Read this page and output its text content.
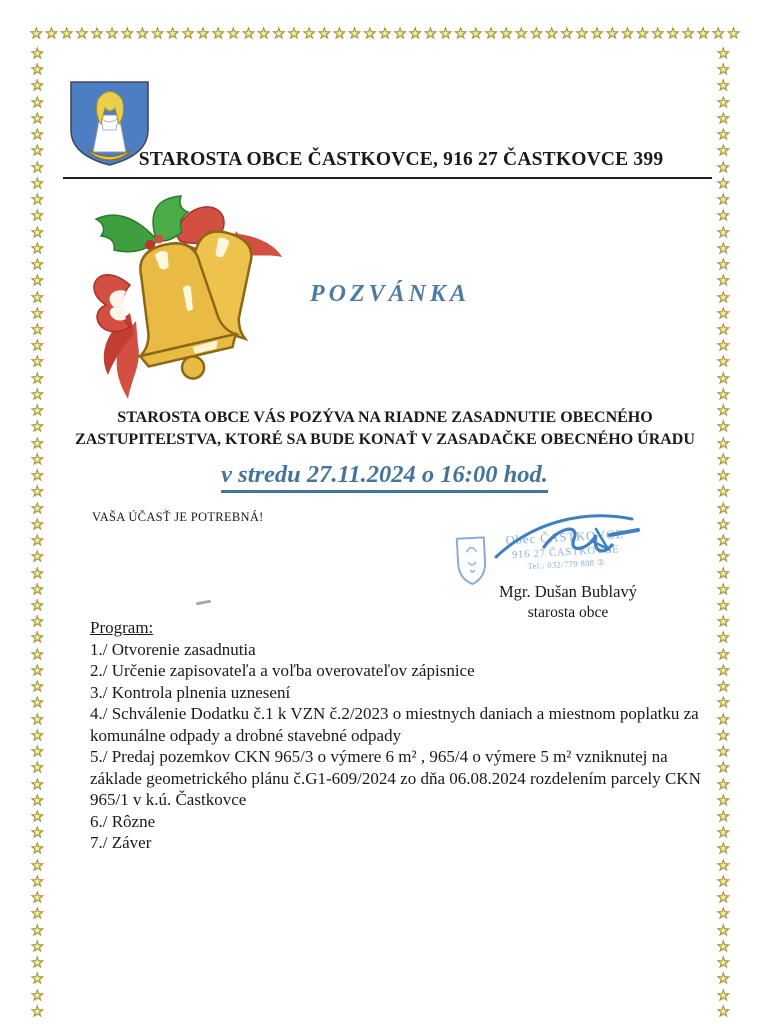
★ ★ ★ ★ ★ ★ ★ ★ ★ ★ ★ ★ ★ ★ ★ ★ ★ ★ ★ ★ ★ ★ ★ ★ ★ ★ ★ ★ ★ ★ ★ ★ ★ ★ ★ ★ ★ ★ ★ ★ ★ ★ ★ ★ ★ ★ ★
★
★
★
★
★
★
★
★
★
★
★
★
★
★
★
★
★
★
★
★
★
★
★
★
★
★
★
★
★
★
★
★
★
★
★
★
★
★
★
★
★
★
★
★
★
★
★
★
★
★
★
★
★
★
★
★
★
★
★
★
★
★
★
★
★
★
★
★
★
★
★
★
★
★
★
★
★
★
★
★
★
★
★
★
★
★
★
★
★
★
★
★
★
★
★
★
★
★
★
★
★
★
★
★
★
★
★
★
★
★
★
★
★
★
★
★
★
★
★
★
STAROSTA OBCE ČASTKOVCE, 916 27 ČASTKOVCE 399
POZVÁNKA
STAROSTA OBCE VÁS POZÝVA NA RIADNE ZASADNUTIE OBECNÉHO
ZASTUPITEĽSTVA, KTORÉ SA BUDE KONAŤ V ZASADAČKE OBECNÉHO ÚRADU
v stredu 27.11.2024 o 16:00 hod.
VAŠA ÚČASŤ JE POTREBNÁ!
Obec ČASTKOVCE
916 27 ČASTKOVCE
Tel.: 032/779 808 ②
Mgr. Dušan Bublavý
starosta obce
Program:
1./ Otvorenie zasadnutia
2./ Určenie zapisovateľa a voľba overovateľov zápisnice
3./ Kontrola plnenia uznesení
4./ Schválenie Dodatku č.1 k VZN č.2/2023 o miestnych daniach a miestnom poplatku za komunálne odpady a drobné stavebné odpady
5./ Predaj pozemkov CKN 965/3 o výmere 6 m² , 965/4 o výmere 5 m² vzniknutej na základe geometrického plánu č.G1-609/2024 zo dňa 06.08.2024 rozdelením parcely CKN 965/1 v k.ú. Častkovce
6./ Rôzne
7./ Záver
